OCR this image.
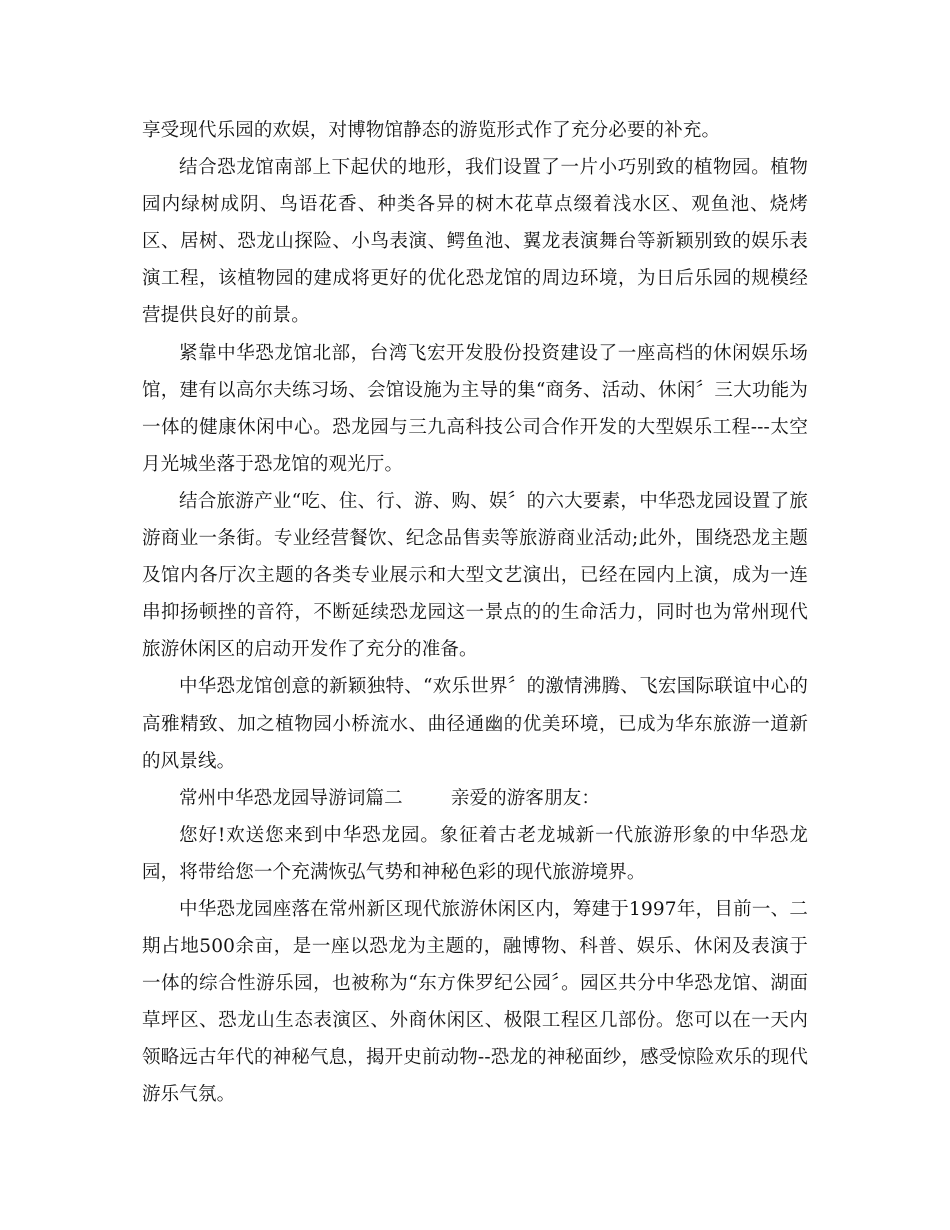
享受现代乐园的欢娱，对博物馆静态的游览形式作了充分必要的补充。

结合恐龙馆南部上下起伏的地形，我们设置了一片小巧别致的植物园。植物园内绿树成阴、鸟语花香、种类各异的树木花草点缀着浅水区、观鱼池、烧烤区、居树、恐龙山探险、小鸟表演、鳄鱼池、翼龙表演舞台等新颖别致的娱乐表演工程，该植物园的建成将更好的优化恐龙馆的周边环境，为日后乐园的规模经营提供良好的前景。

紧靠中华恐龙馆北部，台湾飞宏开发股份投资建设了一座高档的休闲娱乐场馆，建有以高尔夫练习场、会馆设施为主导的集“商务、活动、休闲〞三大功能为一体的健康休闲中心。恐龙园与三九高科技公司合作开发的大型娱乐工程---太空月光城坐落于恐龙馆的观光厅。

结合旅游产业“吃、住、行、游、购、娱〞的六大要素，中华恐龙园设置了旅游商业一条街。专业经营餐饮、纪念品售卖等旅游商业活动;此外，围绕恐龙主题及馆内各厅次主题的各类专业展示和大型文艺演出，已经在园内上演，成为一连串抑扬顿挫的音符，不断延续恐龙园这一景点的的生命活力，同时也为常州现代旅游休闲区的启动开发作了充分的准备。

中华恐龙馆创意的新颖独特、“欢乐世界〞的激情沸腾、飞宏国际联谊中心的高雅精致、加之植物园小桥流水、曲径通幽的优美环境，已成为华东旅游一道新的风景线。

常州中华恐龙园导游词篇二	亲爱的游客朋友：

您好!欢送您来到中华恐龙园。象征着古老龙城新一代旅游形象的中华恐龙园，将带给您一个充满恢弘气势和神秘色彩的现代旅游境界。

中华恐龙园座落在常州新区现代旅游休闲区内，筹建于1997年，目前一、二期占地500余亩，是一座以恐龙为主题的，融博物、科普、娱乐、休闲及表演于一体的综合性游乐园，也被称为“东方侏罗纪公园〞。园区共分中华恐龙馆、湖面草坪区、恐龙山生态表演区、外商休闲区、极限工程区几部份。您可以在一天内领略远古年代的神秘气息，揭开史前动物--恐龙的神秘面纱，感受惊险欢乐的现代游乐气氛。
